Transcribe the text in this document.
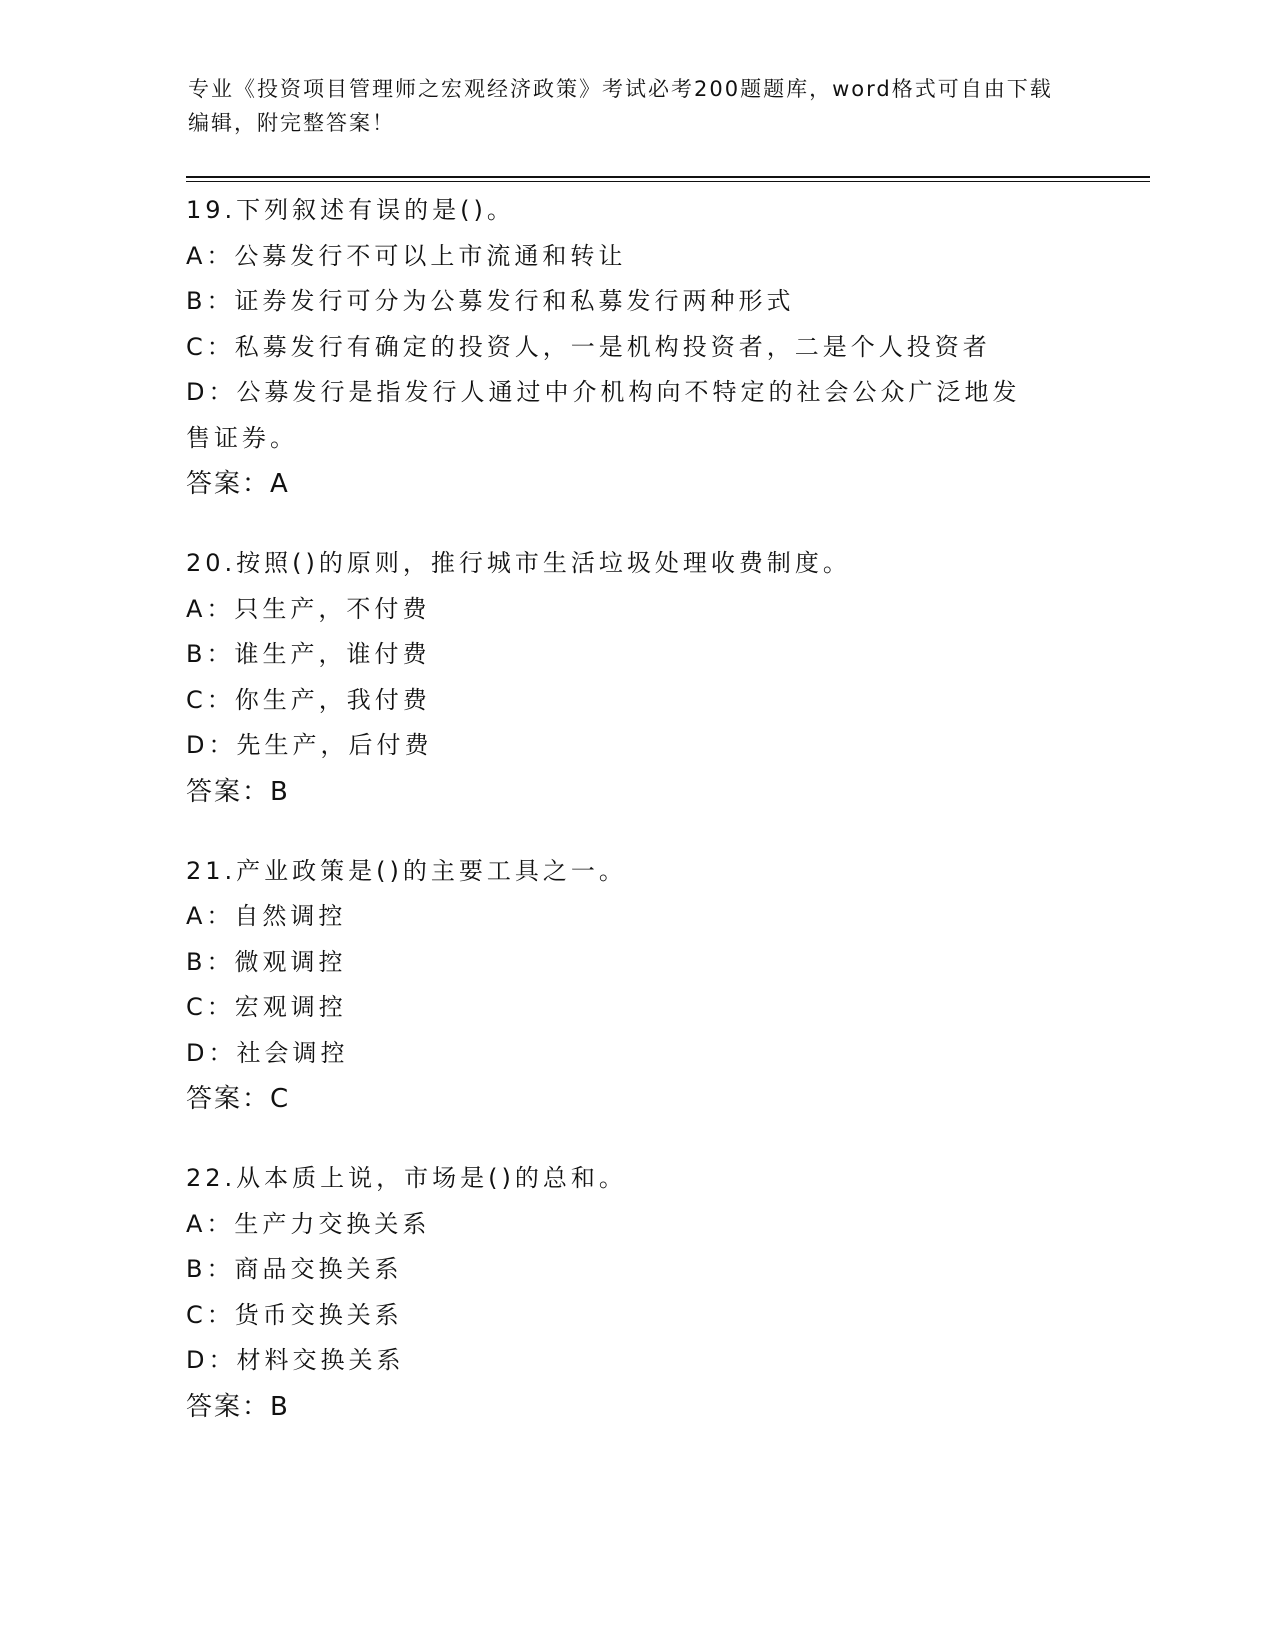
专业《投资项目管理师之宏观经济政策》考试必考200题题库，word格式可自由下载编辑，附完整答案！
19.下列叙述有误的是()。
A：公募发行不可以上市流通和转让
B：证券发行可分为公募发行和私募发行两种形式
C：私募发行有确定的投资人，一是机构投资者，二是个人投资者
D：公募发行是指发行人通过中介机构向不特定的社会公众广泛地发售证券。
答案：A
20.按照()的原则，推行城市生活垃圾处理收费制度。
A：只生产，不付费
B：谁生产，谁付费
C：你生产，我付费
D：先生产，后付费
答案：B
21.产业政策是()的主要工具之一。
A：自然调控
B：微观调控
C：宏观调控
D：社会调控
答案：C
22.从本质上说，市场是()的总和。
A：生产力交换关系
B：商品交换关系
C：货币交换关系
D：材料交换关系
答案：B
